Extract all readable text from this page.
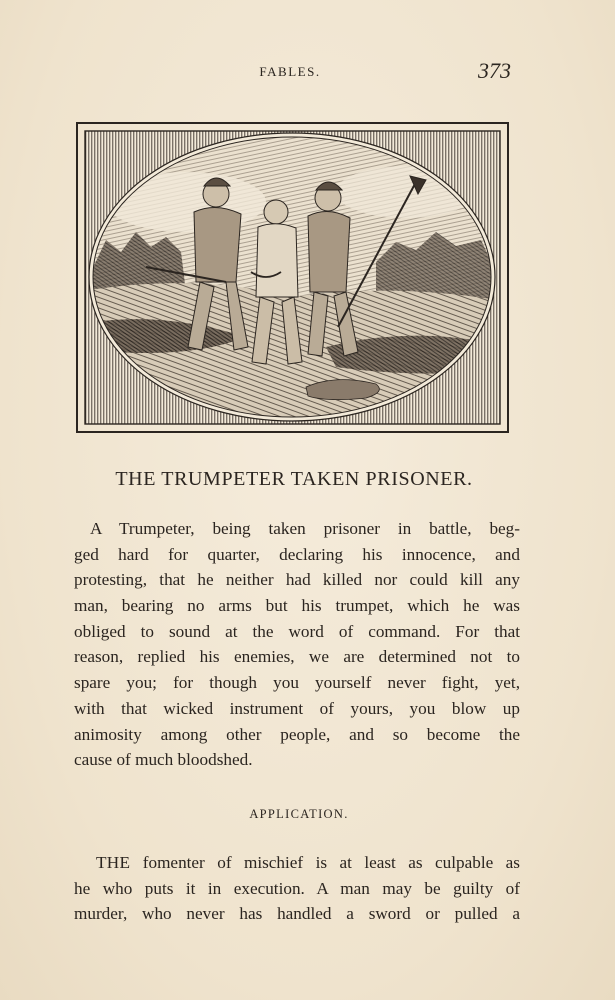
FABLES.	373
THE TRUMPETER TAKEN PRISONER.
A Trumpeter, being taken prisoner in battle, beg-
ged hard for quarter, declaring his innocence, and
protesting, that he neither had killed nor could kill any
man, bearing no arms but his trumpet, which he was
obliged to sound at the word of command. For that
reason, replied his enemies, we are determined not to
spare you; for though you yourself never fight, yet,
with that wicked instrument of yours, you blow up
animosity among other people, and so become the
cause of much bloodshed.
APPLICATION.
THE fomenter of mischief is at least as culpable as
he who puts it in execution. A man may be guilty of
murder, who never has handled a sword or pulled a
